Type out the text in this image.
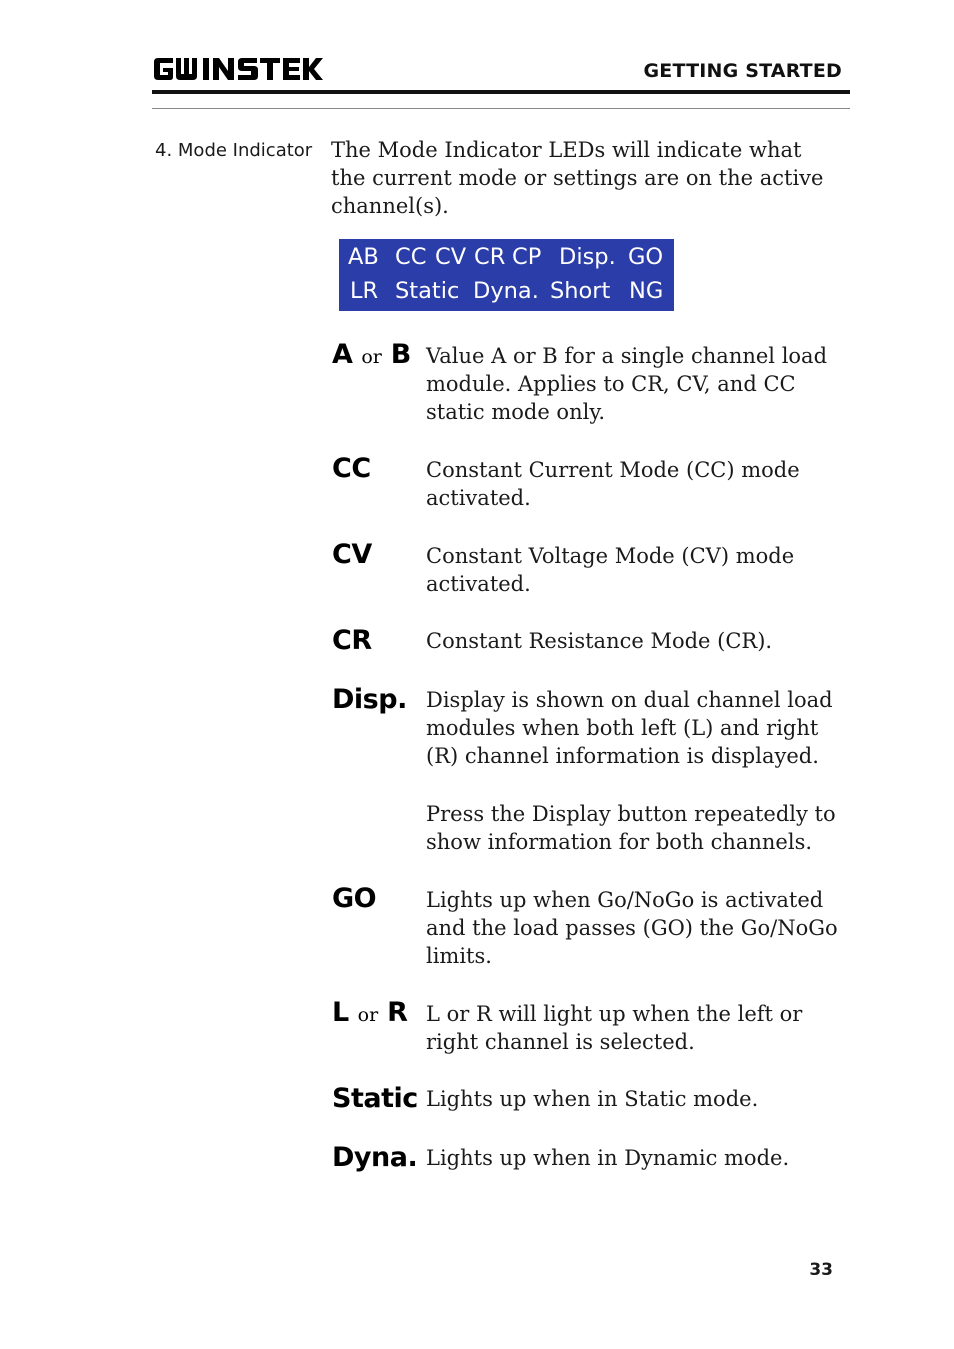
GETTING STARTED
4. Mode Indicator The Mode Indicator LEDs will indicate what the current mode or settings are on the active channel(s).
AB CC CV CR CP Disp. GO
LR Static Dyna. Short NG
A or B Value A or B for a single channel load module. Applies to CR, CV, and CC static mode only.
CC	Constant Current Mode (CC) mode activated.
CV	Constant Voltage Mode (CV) mode activated.
CR	Constant Resistance Mode (CR).
Disp. Display is shown on dual channel load modules when both left (L) and right (R) channel information is displayed.
Press the Display button repeatedly to show information for both channels.
GO Lights up when Go/NoGo is activated and the load passes (GO) the Go/NoGo limits.
L or R L or R will light up when the left or right channel is selected.
Static Lights up when in Static mode.
Dyna. Lights up when in Dynamic mode.
33
